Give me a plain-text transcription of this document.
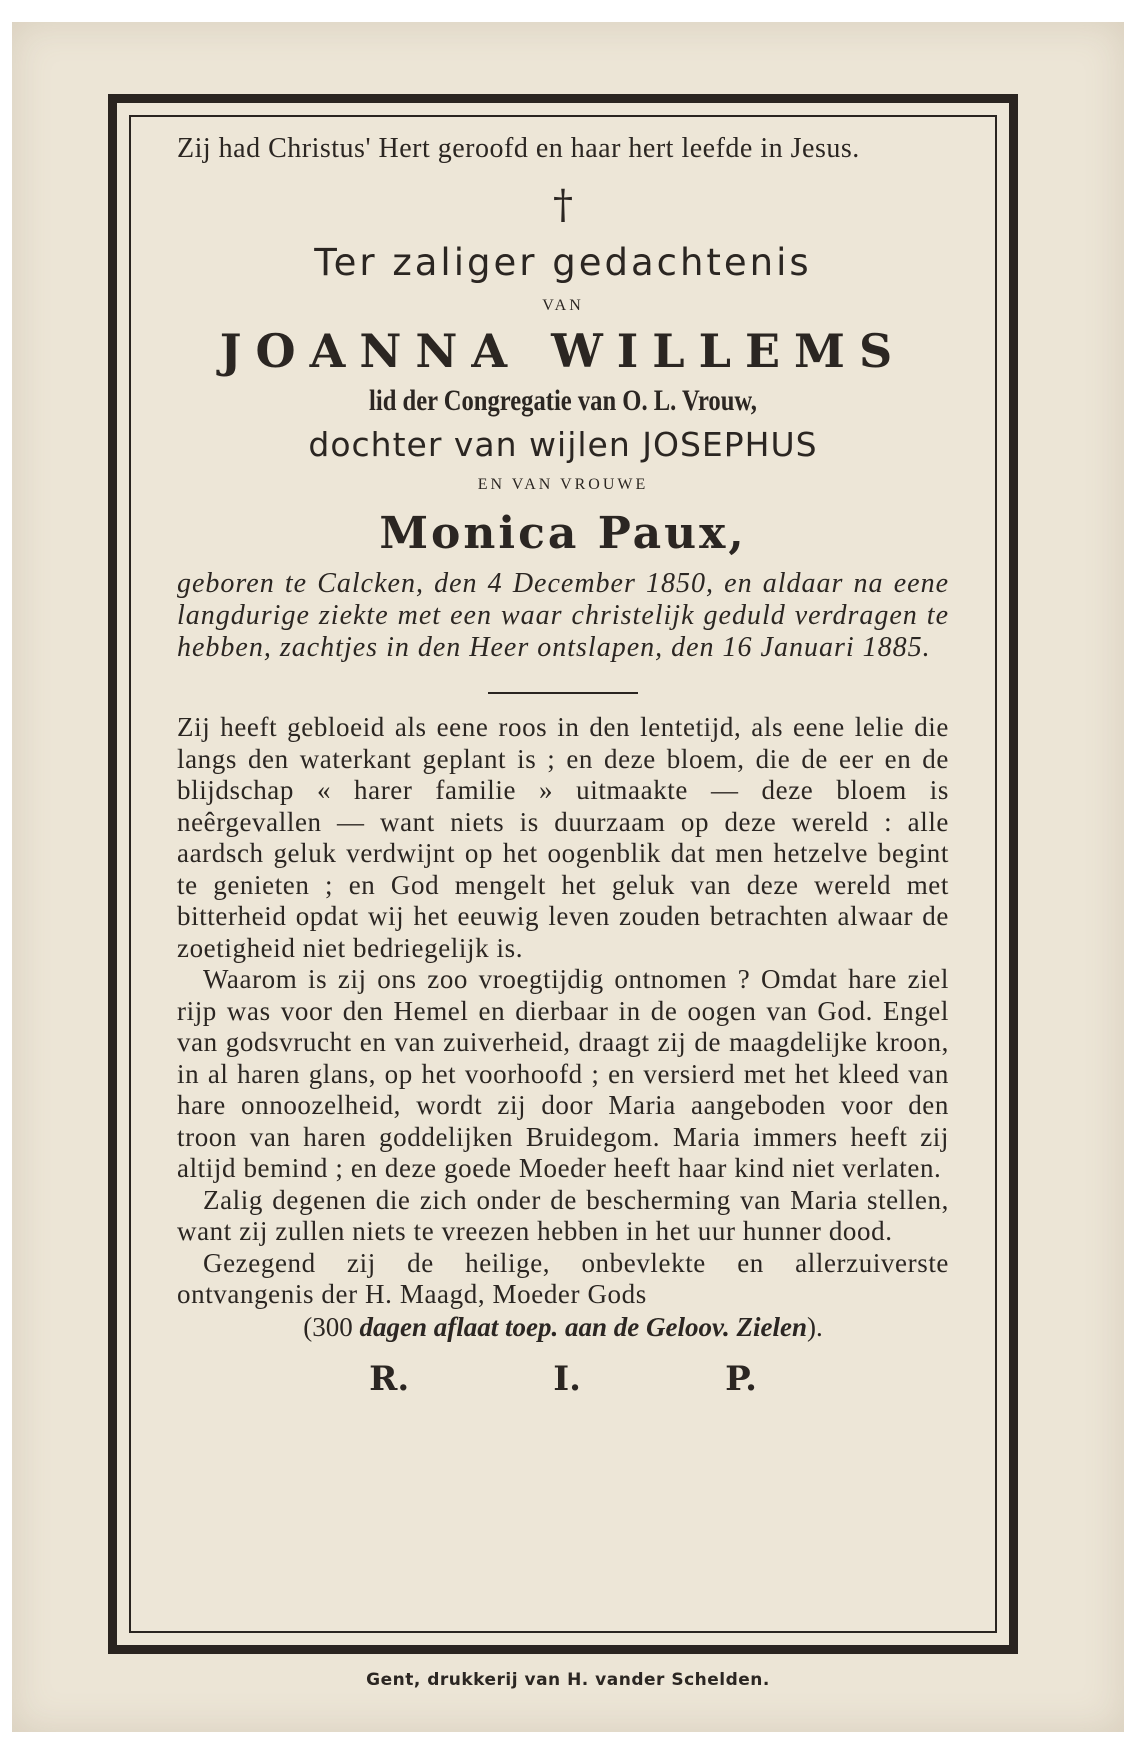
Zij had Christus' Hert geroofd en haar hert leefde in Jesus.

†

Ter zaliger gedachtenis

VAN

JOANNA WILLEMS

lid der Congregatie van O. L. Vrouw,

dochter van wijlen JOSEPHUS

EN VAN VROUWE

Monica Paux,

geboren te Calcken, den 4 December 1850, en aldaar na eene langdurige ziekte met een waar christelijk geduld verdragen te hebben, zachtjes in den Heer ontslapen, den 16 Januari 1885.

Zij heeft gebloeid als eene roos in den lentetijd, als eene lelie die langs den waterkant geplant is ; en deze bloem, die de eer en de blijdschap « harer familie » uitmaakte — deze bloem is neêrgevallen — want niets is duurzaam op deze wereld : alle aardsch geluk verdwijnt op het oogenblik dat men hetzelve begint te genieten ; en God mengelt het geluk van deze wereld met bitterheid opdat wij het eeuwig leven zouden betrachten alwaar de zoetigheid niet bedriegelijk is.

Waarom is zij ons zoo vroegtijdig ontnomen ? Omdat hare ziel rijp was voor den Hemel en dierbaar in de oogen van God. Engel van godsvrucht en van zuiverheid, draagt zij de maagdelijke kroon, in al haren glans, op het voorhoofd ; en versierd met het kleed van hare onnoozelheid, wordt zij door Maria aangeboden voor den troon van haren goddelijken Bruidegom. Maria immers heeft zij altijd bemind ; en deze goede Moeder heeft haar kind niet verlaten.

Zalig degenen die zich onder de bescherming van Maria stellen, want zij zullen niets te vreezen hebben in het uur hunner dood.

Gezegend zij de heilige, onbevlekte en allerzuiverste ontvangenis der H. Maagd, Moeder Gods

(300 dagen aflaat toep. aan de Geloov. Zielen).

R.	I.	P.
Gent, drukkerij van H. vander Schelden.
